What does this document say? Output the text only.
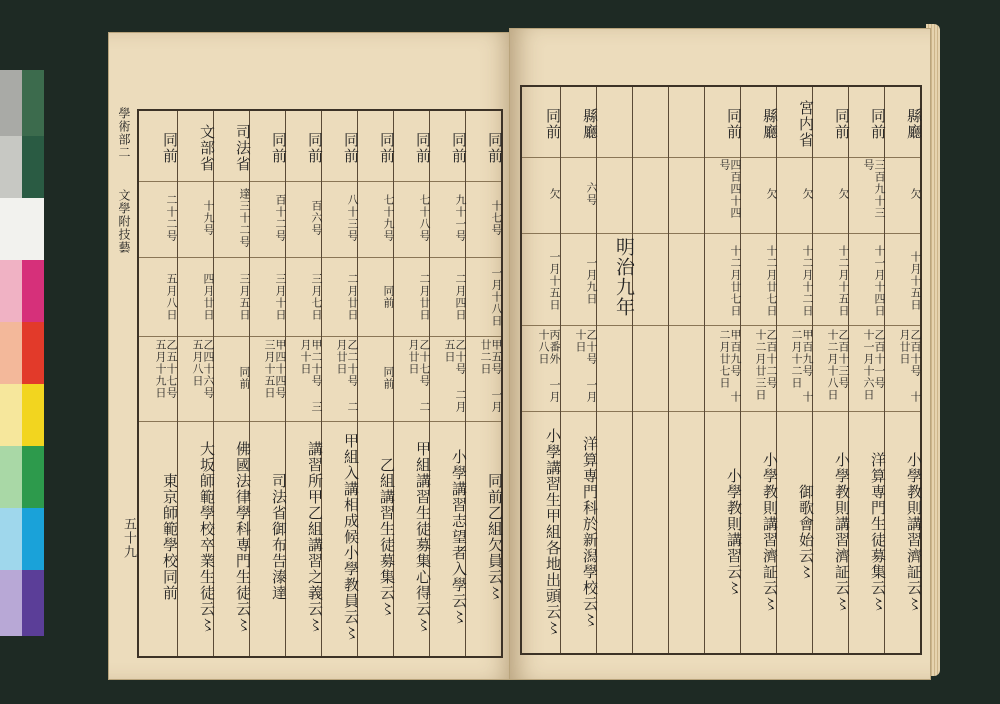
學術部二 文學附技藝
五十九
同前
十七号
一月十八日
甲五号 一月廿二日
同前乙組欠員云〻
同前
九十一号
二月四日
乙十号 二月五日
小學講習志望者入學云〻
同前
七十八号
二月廿日
乙十七号 二月廿日
甲組講習生徒募集心得云〻
同前
七十九号
同前
同前
乙組講習生徒募集云〻
同前
八十三号
二月廿日
乙二十号 二月廿日
甲組入講相成候小學教員云〻
同前
百六号
三月七日
甲二十号 三月十日
講習所甲乙組講習之義云〻
同前
百十二号
三月十日
甲四十四号 三月十五日
司法省御布告󠄃溙達
司法省
達三十二号
三月五日
同前
佛國法律學科専門生徒云〻
文部省
十九号
四月廿日
乙四十六号 五月八日
大坂師範學校卒業生徒云〻
同前
二十二号
五月八日
乙五十七号 五月十九日
東京師範學校同前
縣廳
欠
十月十五日
乙百十号 十月廿日
小學教則講習濟証云〻
同前
三百九十三号
十一月十四日
乙百十一号 十一月十六日
洋算専門生徒募集云〻
同前
欠
十二月十五日
乙百十三号 十二月十八日
小學教則講習濟証云〻
宮内省
欠
十二月十二日
甲百九号 十二月十二日
御歌會始云〻
縣廳
欠
十二月廿七日
乙百十二号 十二月廿三日
小學教則講習濟証云〻
同前
四百四十四号
十二月廿七日
甲百九号 十二月廿七日
小學教則講習云〻
明治九年
縣廳
六号
一月九日
乙十号 一月十日
洋算専門科於新潟學校云〻
同前
欠
一月十五日
丙番外 一月十八日
小學講習生甲組各地出頭云〻
